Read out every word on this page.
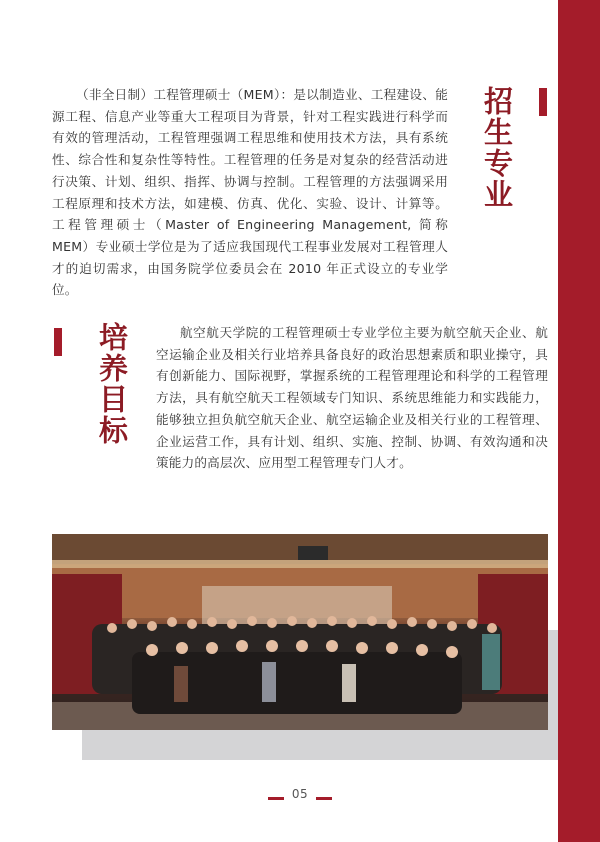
（非全日制）工程管理硕士（MEM）：是以制造业、工程建设、能源工程、信息产业等重大工程项目为背景，针对工程实践进行科学而有效的管理活动，工程管理强调工程思维和使用技术方法，具有系统性、综合性和复杂性等特性。工程管理的任务是对复杂的经营活动进行决策、计划、组织、指挥、协调与控制。工程管理的方法强调采用工程原理和技术方法，如建模、仿真、优化、实验、设计、计算等。工程管理硕士（Master of Engineering Management, 简称 MEM）专业硕士学位是为了适应我国现代工程事业发展对工程管理人才的迫切需求，由国务院学位委员会在 2010 年正式设立的专业学位。

招生专业
培养目标	航空航天学院的工程管理硕士专业学位主要为航空航天企业、航空运输企业及相关行业培养具备良好的政治思想素质和职业操守，具有创新能力、国际视野，掌握系统的工程管理理论和科学的工程管理方法，具有航空航天工程领域专门知识、系统思维能力和实践能力，能够独立担负航空航天企业、航空运输企业及相关行业的工程管理、企业运营工作，具有计划、组织、实施、控制、协调、有效沟通和决策能力的高层次、应用型工程管理专门人才。

05
